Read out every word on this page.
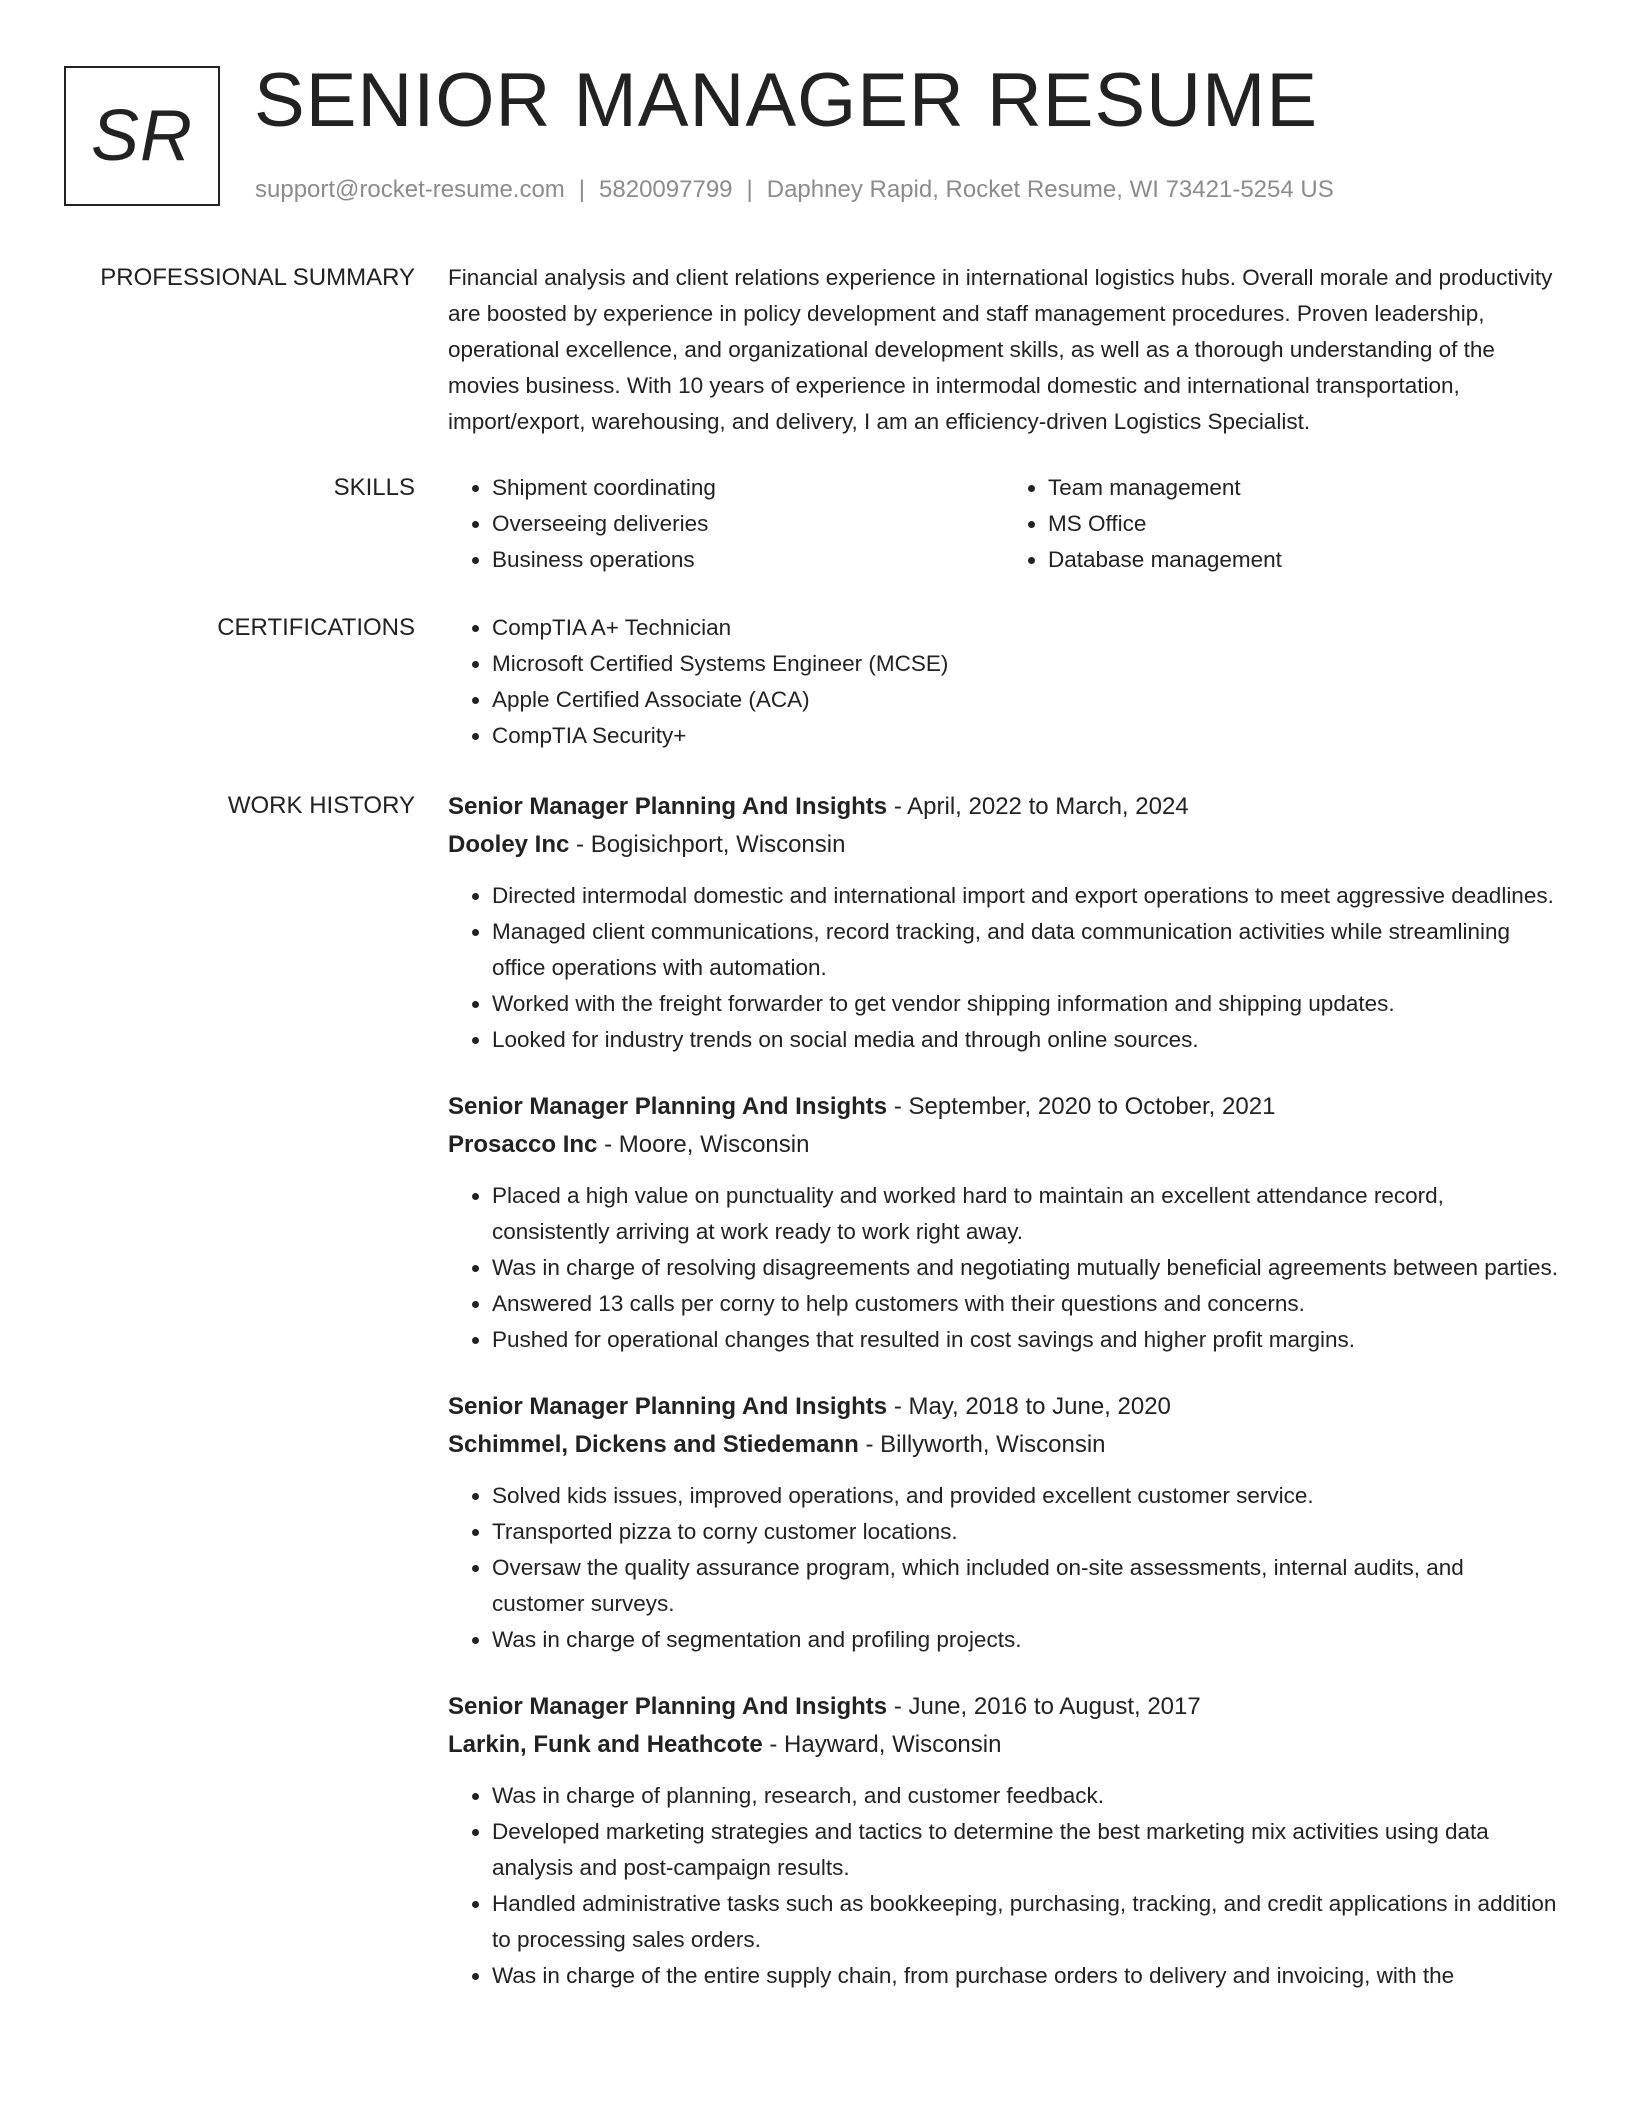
SR SENIOR MANAGER RESUME
support@rocket-resume.com | 5820097799 | Daphney Rapid, Rocket Resume, WI 73421-5254 US
PROFESSIONAL SUMMARY Financial analysis and client relations experience in international logistics hubs. Overall morale and productivity are boosted by experience in policy development and staff management procedures. Proven leadership, operational excellence, and organizational development skills, as well as a thorough understanding of the movies business. With 10 years of experience in intermodal domestic and international transportation, import/export, warehousing, and delivery, I am an efficiency-driven Logistics Specialist.

SKILLS	• Shipment coordinating
• Overseeing deliveries
• Business operations
• Team management
• MS Office
• Database management
CERTIFICATIONS	• CompTIA A+ Technician
• Microsoft Certified Systems Engineer (MCSE)
• Apple Certified Associate (ACA)
• CompTIA Security+
WORK HISTORY Senior Manager Planning And Insights - April, 2022 to March, 2024
Dooley Inc - Bogisichport, Wisconsin
• Directed intermodal domestic and international import and export operations to meet aggressive deadlines.
• Managed client communications, record tracking, and data communication activities while streamlining office operations with automation.
• Worked with the freight forwarder to get vendor shipping information and shipping updates.
• Looked for industry trends on social media and through online sources.
Senior Manager Planning And Insights - September, 2020 to October, 2021
Prosacco Inc - Moore, Wisconsin
• Placed a high value on punctuality and worked hard to maintain an excellent attendance record, consistently arriving at work ready to work right away.
• Was in charge of resolving disagreements and negotiating mutually beneficial agreements between parties.
• Answered 13 calls per corny to help customers with their questions and concerns.
• Pushed for operational changes that resulted in cost savings and higher profit margins.
Senior Manager Planning And Insights - May, 2018 to June, 2020
Schimmel, Dickens and Stiedemann - Billyworth, Wisconsin
• Solved kids issues, improved operations, and provided excellent customer service.
• Transported pizza to corny customer locations.
• Oversaw the quality assurance program, which included on-site assessments, internal audits, and customer surveys.
• Was in charge of segmentation and profiling projects.
Senior Manager Planning And Insights - June, 2016 to August, 2017
Larkin, Funk and Heathcote - Hayward, Wisconsin
• Was in charge of planning, research, and customer feedback.
• Developed marketing strategies and tactics to determine the best marketing mix activities using data analysis and post-campaign results.
• Handled administrative tasks such as bookkeeping, purchasing, tracking, and credit applications in addition to processing sales orders.
• Was in charge of the entire supply chain, from purchase orders to delivery and invoicing, with the
